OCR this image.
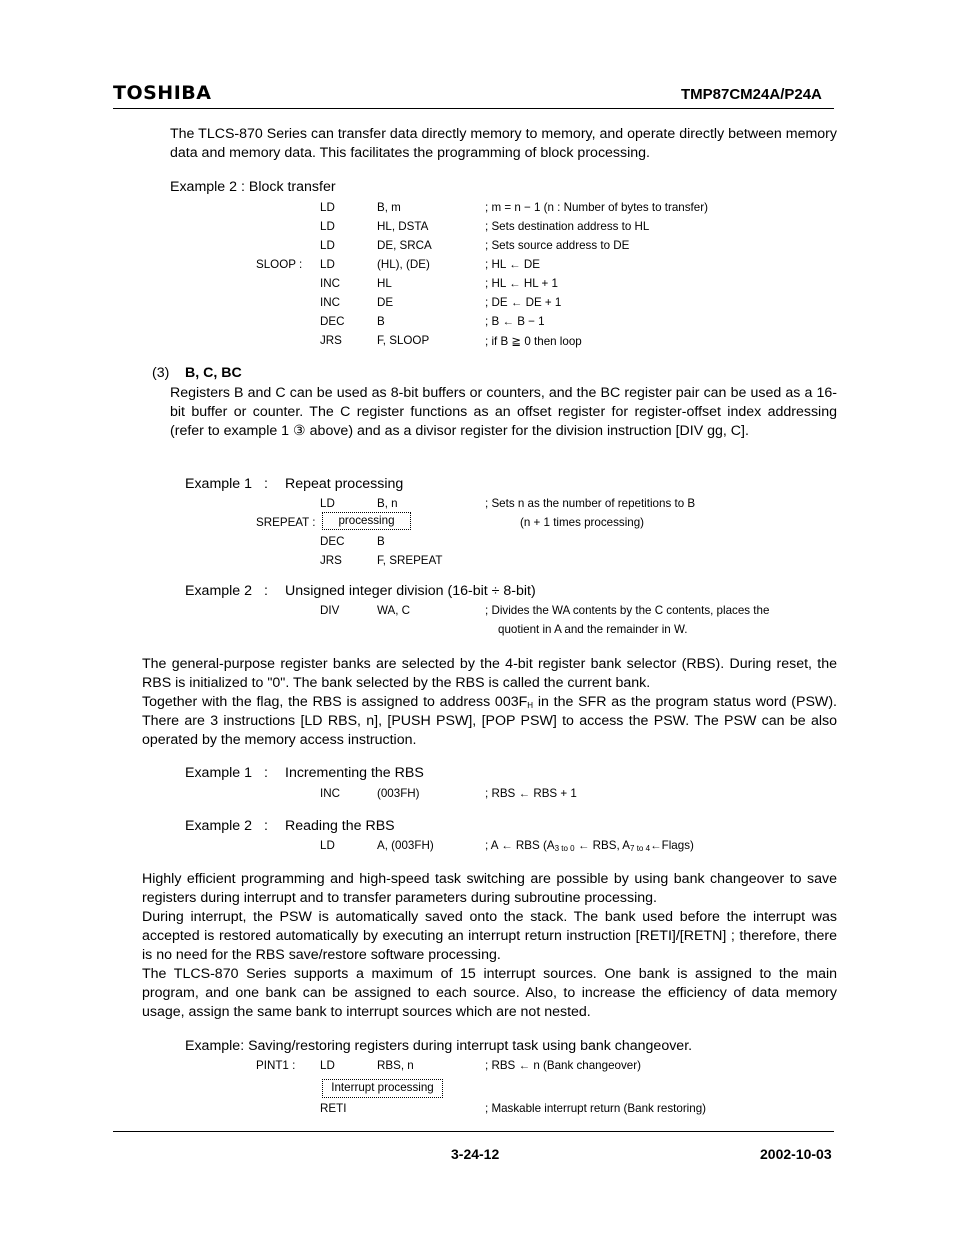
TOSHIBA	TMP87CM24A/P24A
The TLCS-870 Series can transfer data directly memory to memory, and operate directly between memory data and memory data. This facilitates the programming of block processing.
Example 2 : Block transfer
LD	B, m	; m = n − 1 (n : Number of bytes to transfer)
LD	HL, DSTA	; Sets destination address to HL
LD	DE, SRCA	; Sets source address to DE
SLOOP : LD	(HL), (DE)	; HL ← DE
INC	HL	; HL ← HL + 1
INC	DE	; DE ← DE + 1
DEC	B	; B ← B − 1
JRS	F, SLOOP	; if B ≧ 0 then loop
(3) B, C, BC
Registers B and C can be used as 8-bit buffers or counters, and the BC register pair can be used as a 16-bit buffer or counter. The C register functions as an offset register for register-offset index addressing (refer to example 1 ③ above) and as a divisor register for the division instruction [DIV gg, C].
Example 1 : Repeat processing
LD	B, n	; Sets n as the number of repetitions to B
SREPEAT :	processing	(n + 1 times processing)
DEC	B
JRS	F, SREPEAT
Example 2 : Unsigned integer division (16-bit ÷ 8-bit)
DIV	WA, C	; Divides the WA contents by the C contents, places the
quotient in A and the remainder in W.
The general-purpose register banks are selected by the 4-bit register bank selector (RBS). During reset, the RBS is initialized to "0". The bank selected by the RBS is called the current bank.
Together with the flag, the RBS is assigned to address $003F_H$ in the SFR as the program status word (PSW). There are 3 instructions [LD RBS, n], [PUSH PSW], [POP PSW] to access the PSW. The PSW can be also operated by the memory access instruction.
Example 1 : Incrementing the RBS
INC	(003FH)	; RBS ← RBS + 1
Example 2 : Reading the RBS
LD	A, (003FH)	; A ← RBS ($A_{3 to 0}$ ← RBS, $A_{7 to 4}\leftarrow Flags$)
Highly efficient programming and high-speed task switching are possible by using bank changeover to save registers during interrupt and to transfer parameters during subroutine processing.
During interrupt, the PSW is automatically saved onto the stack. The bank used before the interrupt was accepted is restored automatically by executing an interrupt return instruction [RETI]/[RETN] ; therefore, there is no need for the RBS save/restore software processing.
The TLCS-870 Series supports a maximum of 15 interrupt sources. One bank is assigned to the main program, and one bank can be assigned to each source. Also, to increase the efficiency of data memory usage, assign the same bank to interrupt sources which are not nested.
Example: Saving/restoring registers during interrupt task using bank changeover.
PINT1 : LD	RBS, n	; RBS ← n (Bank changeover)
Interrupt processing
RETI	; Maskable interrupt return (Bank restoring)
3-24-12	2002-10-03
